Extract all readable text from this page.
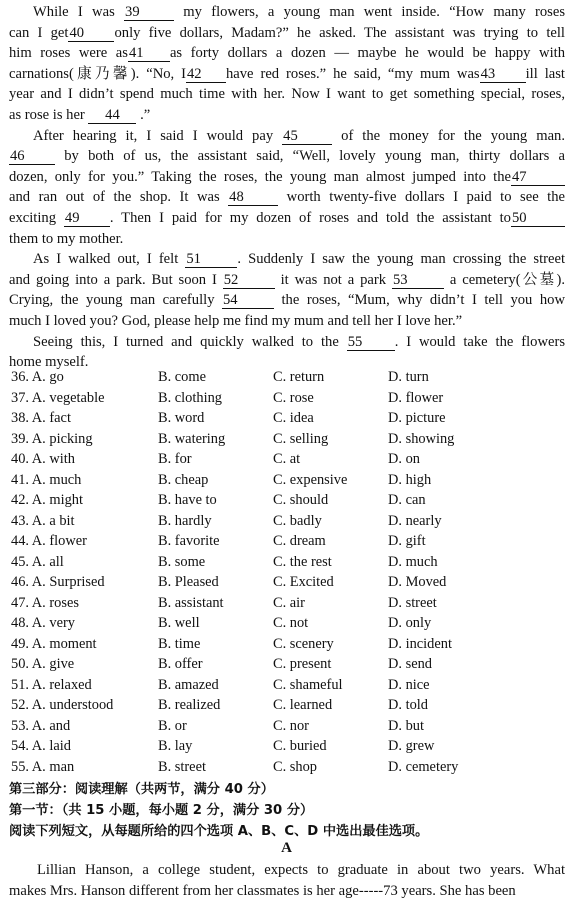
While I was 39 my flowers, a young man went inside. “How many roses
can I get40 only five dollars, Madam?” he asked. The assistant was trying to tell
him roses were as41 as forty dollars a dozen — maybe he would be happy with
carnations(康乃馨). “No, I42 have red roses.” he said, “my mum was43 ill last
year and I didn’t spend much time with her. Now I want to get something special, roses,
as rose is her 44 .”
After hearing it, I said I would pay 45 of the money for the young man.
46 by both of us, the assistant said, “Well, lovely young man, thirty dollars a
dozen, only for you.” Taking the roses, the young man almost jumped into the47
and ran out of the shop. It was 48 worth twenty-five dollars I paid to see the
exciting 49 . Then I paid for my dozen of roses and told the assistant to50
them to my mother.
As I walked out, I felt 51 . Suddenly I saw the young man crossing the street
and going into a park. But soon I 52 it was not a park 53 a cemetery(公墓).
Crying, the young man carefully 54 the roses, “Mum, why didn’t I tell you how
much I loved you? God, please help me find my mum and tell her I love her.”
Seeing this, I turned and quickly walked to the 55 . I would take the flowers
home myself.
36. A. go	B. come	C. return	D. turn
37. A. vegetable	B. clothing	C. rose	D. flower
38. A. fact	B. word	C. idea	D. picture
39. A. picking	B. watering	C. selling	D. showing
40. A. with	B. for	C. at	D. on
41. A. much	B. cheap	C. expensive	D. high
42. A. might	B. have to	C. should	D. can
43. A. a bit	B. hardly	C. badly	D. nearly
44. A. flower	B. favorite	C. dream	D. gift
45. A. all	B. some	C. the rest	D. much
46. A. Surprised	B. Pleased	C. Excited	D. Moved
47. A. roses	B. assistant	C. air	D. street
48. A. very	B. well	C. not	D. only
49. A. moment	B. time	C. scenery	D. incident
50. A. give	B. offer	C. present	D. send
51. A. relaxed	B. amazed	C. shameful	D. nice
52. A. understood	B. realized	C. learned	D. told
53. A. and	B. or	C. nor	D. but
54. A. laid	B. lay	C. buried	D. grew
55. A. man	B. street	C. shop	D. cemetery
第三部分：阅读理解（共两节，满分 40 分）
第一节：（共 15 小题，每小题 2 分，满分 30 分）
阅读下列短文，从每题所给的四个选项 A、B、C、D 中选出最佳选项。
A
Lillian Hanson, a college student, expects to graduate in about two years. What
makes Mrs. Hanson different from her classmates is her age-----73 years. She has been
